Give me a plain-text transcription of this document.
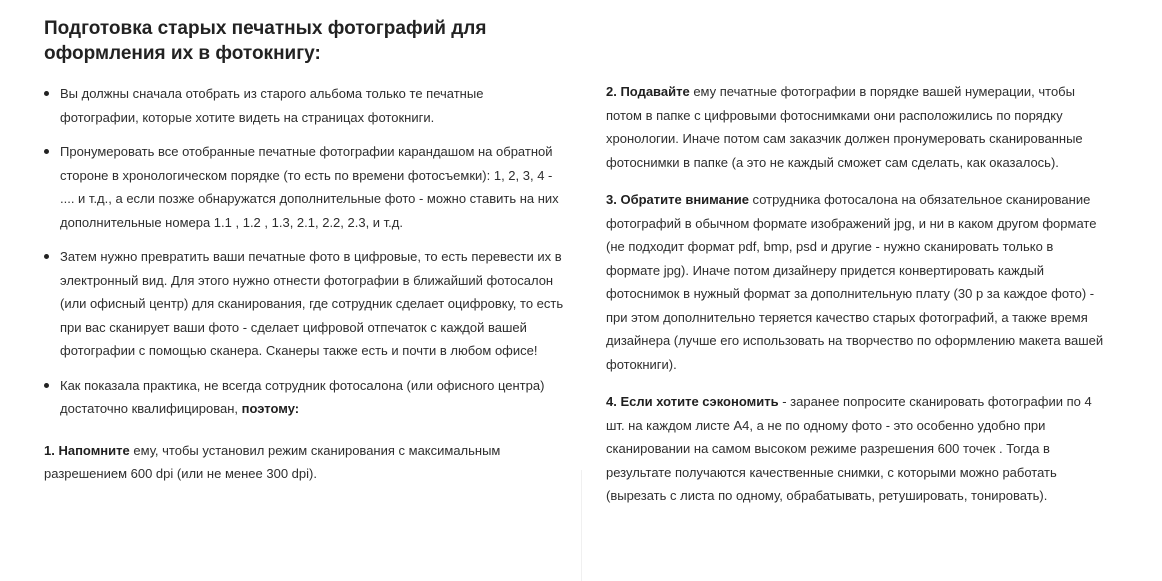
Подготовка старых печатных фотографий для оформления их в фотокнигу:
Вы должны сначала отобрать из старого альбома только те печатные фотографии, которые хотите видеть на страницах фотокниги.
Пронумеровать все отобранные печатные фотографии карандашом на обратной стороне в хронологическом порядке (то есть по времени фотосъемки): 1, 2, 3, 4 - .... и т.д., а если позже обнаружатся дополнительные фото - можно ставить на них дополнительные номера 1.1 , 1.2 , 1.3, 2.1, 2.2, 2.3, и т.д.
Затем нужно превратить ваши печатные фото в цифровые, то есть перевести их в электронный вид. Для этого нужно отнести фотографии в ближайший фотосалон (или офисный центр) для сканирования, где сотрудник сделает оцифровку, то есть при вас сканирует ваши фото - сделает цифровой отпечаток с каждой вашей фотографии с помощью сканера. Сканеры также есть и почти в любом офисе!
Как показала практика, не всегда сотрудник фотосалона (или офисного центра) достаточно квалифицирован, поэтому:

1. Напомните ему, чтобы установил режим сканирования с максимальным разрешением 600 dpi (или не менее 300 dpi).

2. Подавайте ему печатные фотографии в порядке вашей нумерации, чтобы потом в папке с цифровыми фотоснимками они расположились по порядку хронологии. Иначе потом сам заказчик должен пронумеровать сканированные фотоснимки в папке (а это не каждый сможет сам сделать, как оказалось).

3. Обратите внимание сотрудника фотосалона на обязательное сканирование фотографий в обычном формате изображений jpg, и ни в каком другом формате (не подходит формат pdf, bmp, psd и другие - нужно сканировать только в формате jpg). Иначе потом дизайнеру придется конвертировать каждый фотоснимок в нужный формат за дополнительную плату (30 р за каждое фото) - при этом дополнительно теряется качество старых фотографий, а также время дизайнера (лучше его использовать на творчество по оформлению макета вашей фотокниги).

4. Если хотите сэкономить - заранее попросите сканировать фотографии по 4 шт. на каждом листе А4, а не по одному фото - это особенно удобно при сканировании на самом высоком режиме разрешения 600 точек . Тогда в результате получаются качественные снимки, с которыми можно работать (вырезать с листа по одному, обрабатывать, ретушировать, тонировать).
